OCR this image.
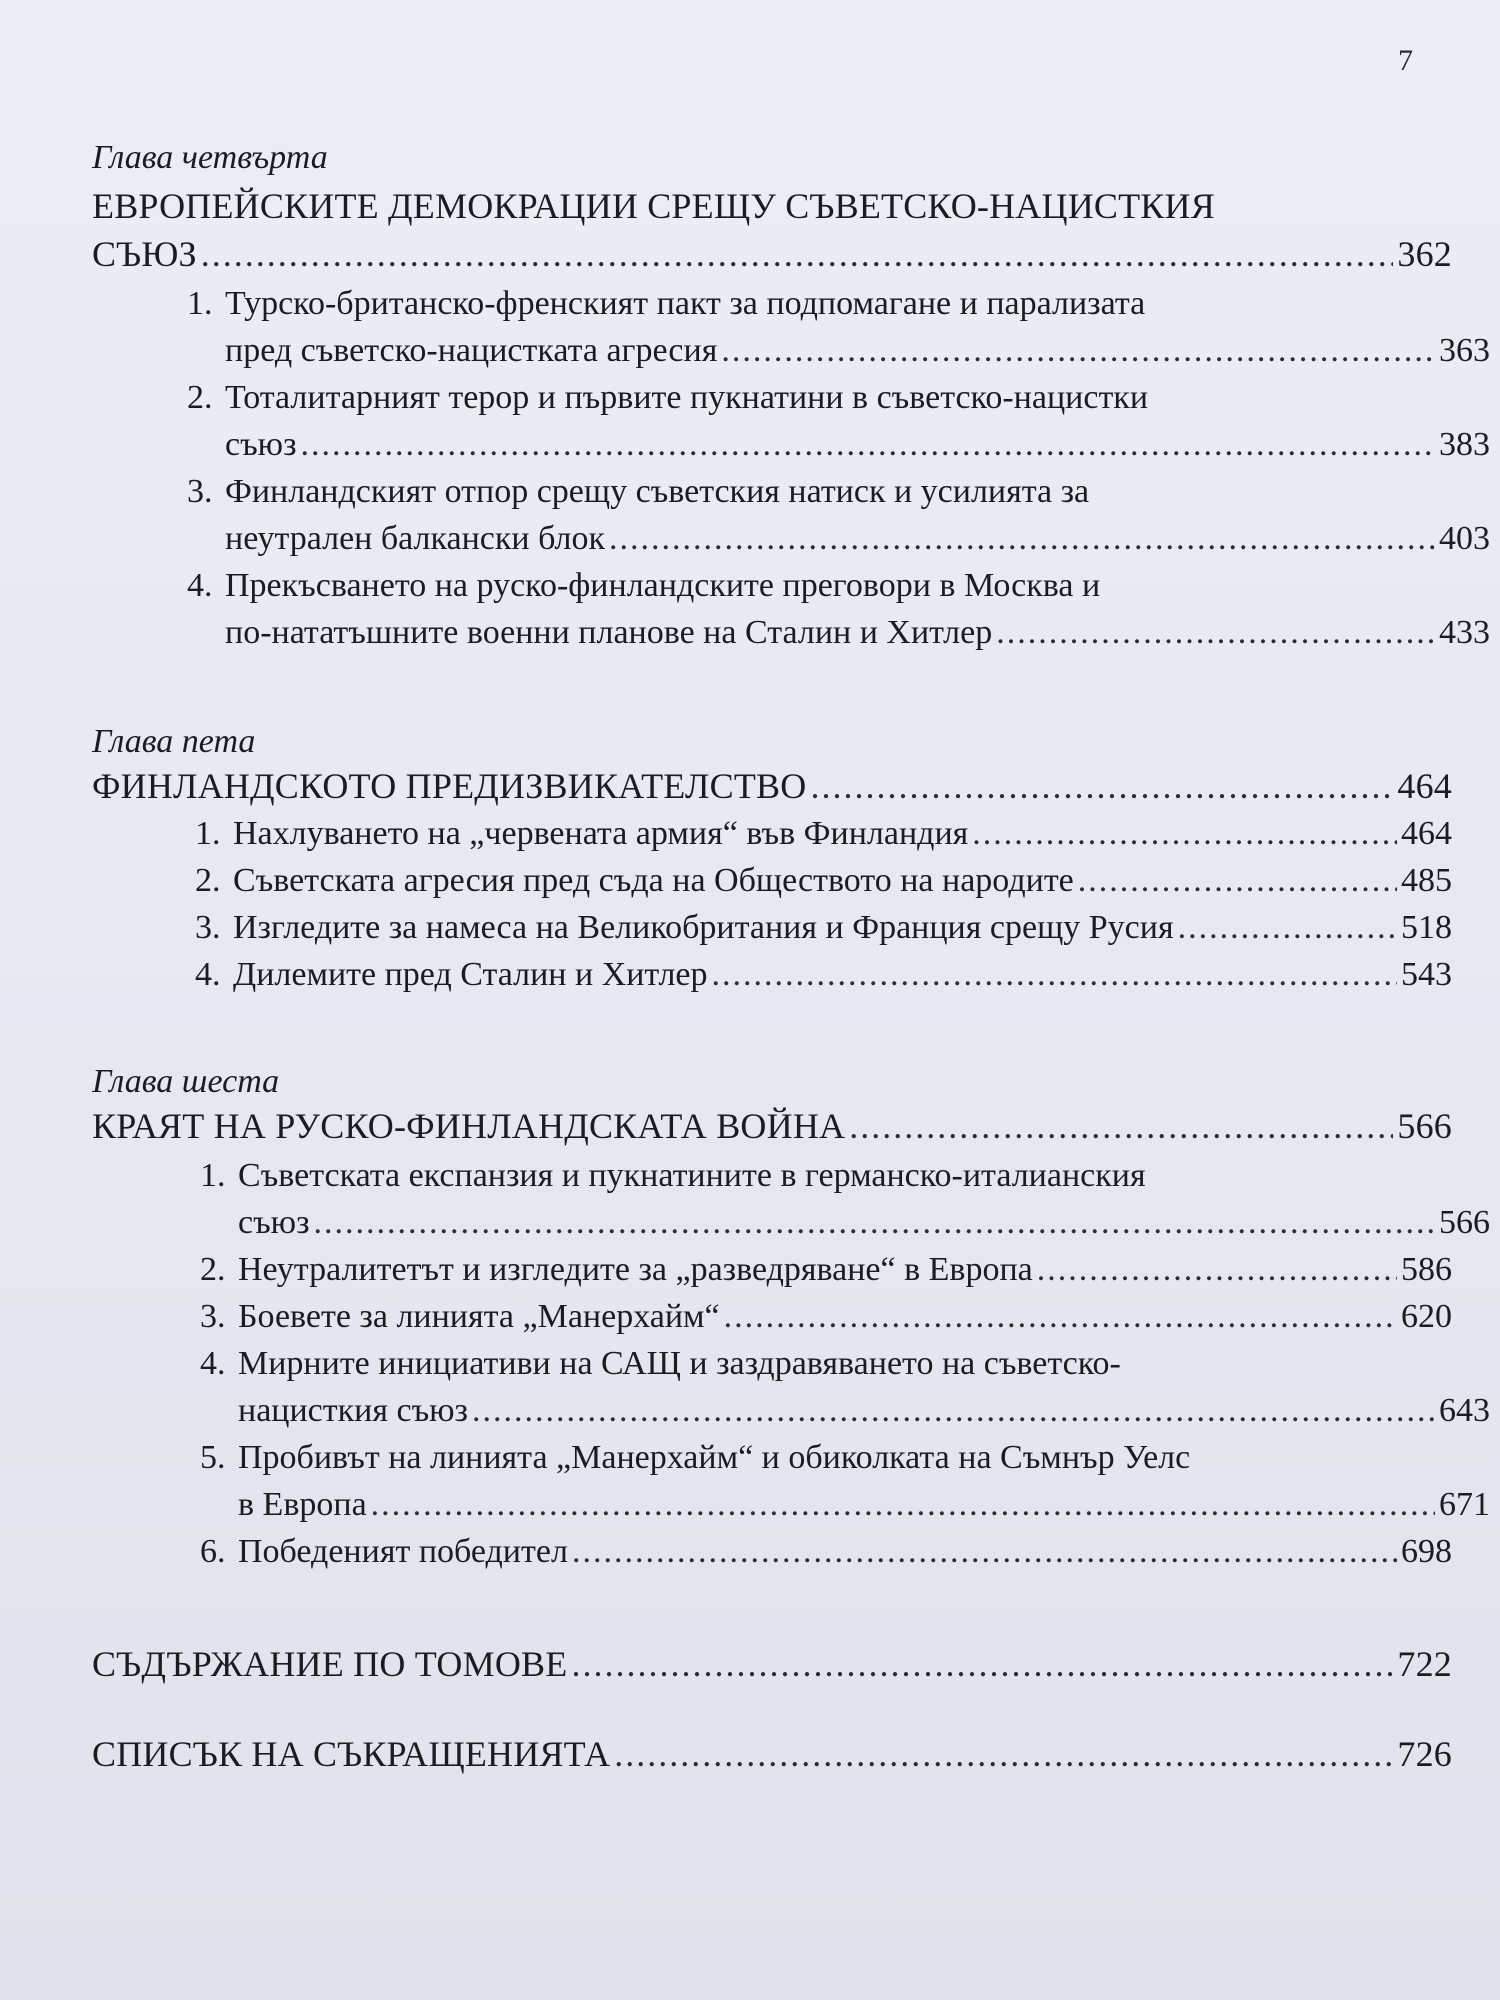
7

Глава четвърта

ЕВРОПЕЙСКИТЕ ДЕМОКРАЦИИ СРЕЩУ СЪВЕТСКО-НАЦИСТКИЯ
СЪЮЗ .....	362
1. Турско-британско-френският пакт за подпомагане и парализата
пред съветско-нацистката агресия .....	363
2. Тоталитарният терор и първите пукнатини в съветско-нацистки
съюз .....	383
3. Финландският отпор срещу съветския натиск и усилията за
неутрален балкански блок .....	403
4. Прекъсването на руско-финландските преговори в Москва и
по-нататъшните военни планове на Сталин и Хитлер .....	433

Глава пета

ФИНЛАНДСКОТО ПРЕДИЗВИКАТЕЛСТВО .....	464
1. Нахлуването на „червената армия“ във Финландия .....	464
2. Съветската агресия пред съда на Обществото на народите .....	485
3. Изгледите за намеса на Великобритания и Франция срещу Русия .....	518
4. Дилемите пред Сталин и Хитлер .....	543

Глава шеста

КРАЯТ НА РУСКО-ФИНЛАНДСКАТА ВОЙНА .....	566
1. Съветската експанзия и пукнатините в германско-италианския
съюз .....	566
2. Неутралитетът и изгледите за „разведряване“ в Европа .....	586
3. Боевете за линията „Манерхайм“ .....	620
4. Мирните инициативи на САЩ и заздравяването на съветско-
нацисткия съюз .....	643
5. Пробивът на линията „Манерхайм“ и обиколката на Съмнър Уелс
в Европа .....	671
6. Победеният победител .....	698
СЪДЪРЖАНИЕ ПО ТОМОВЕ .....	722
СПИСЪК НА СЪКРАЩЕНИЯТА .....	726
